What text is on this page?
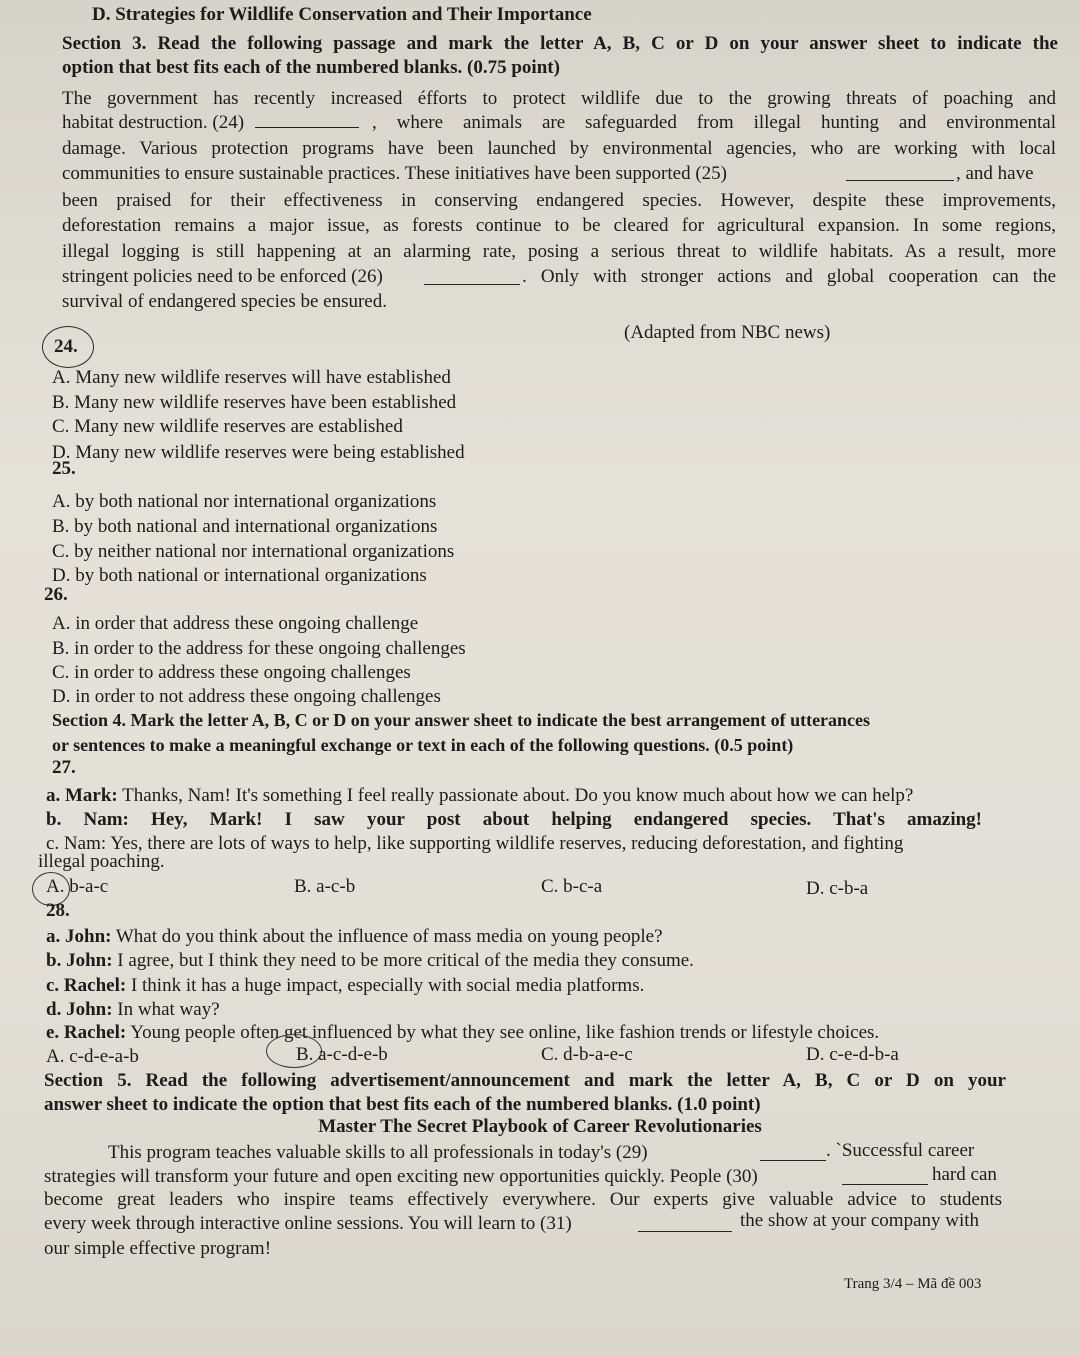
D. Strategies for Wildlife Conservation and Their Importance
Section 3. Read the following passage and mark the letter A, B, C or D on your answer sheet to indicate the
option that best fits each of the numbered blanks. (0.75 point)
The government has recently increased éfforts to protect wildlife due to the growing threats of poaching and
habitat destruction. (24)	, where animals are safeguarded from illegal hunting and environmental
damage. Various protection programs have been launched by environmental agencies, who are working with local
communities to ensure sustainable practices. These initiatives have been supported (25)	, and have
been praised for their effectiveness in conserving endangered species. However, despite these improvements,
deforestation remains a major issue, as forests continue to be cleared for agricultural expansion. In some regions,
illegal logging is still happening at an alarming rate, posing a serious threat to wildlife habitats. As a result, more
stringent policies need to be enforced (26)	. Only with stronger actions and global cooperation can the
survival of endangered species be ensured.
(Adapted from NBC news)
24.
A. Many new wildlife reserves will have established
B. Many new wildlife reserves have been established
C. Many new wildlife reserves are established
D. Many new wildlife reserves were being established
25.
A. by both national nor international organizations
B. by both national and international organizations
C. by neither national nor international organizations
D. by both national or international organizations
26.
A. in order that address these ongoing challenge
B. in order to the address for these ongoing challenges
C. in order to address these ongoing challenges
D. in order to not address these ongoing challenges
Section 4. Mark the letter A, B, C or D on your answer sheet to indicate the best arrangement of utterances
or sentences to make a meaningful exchange or text in each of the following questions. (0.5 point)
27.
a. Mark: Thanks, Nam! It's something I feel really passionate about. Do you know much about how we can help?
b. Nam: Hey, Mark! I saw your post about helping endangered species. That's amazing!
c. Nam: Yes, there are lots of ways to help, like supporting wildlife reserves, reducing deforestation, and fighting
illegal poaching.
A. b-a-c	B. a-c-b	C. b-c-a	D. c-b-a
28.
a. John: What do you think about the influence of mass media on young people?
b. John: I agree, but I think they need to be more critical of the media they consume.
c. Rachel: I think it has a huge impact, especially with social media platforms.
d. John: In what way?
e. Rachel: Young people often get influenced by what they see online, like fashion trends or lifestyle choices.
A. c-d-e-a-b	B. a-c-d-e-b	C. d-b-a-e-c	D. c-e-d-b-a
Section 5. Read the following advertisement/announcement and mark the letter A, B, C or D on your
answer sheet to indicate the option that best fits each of the numbered blanks. (1.0 point)
Master The Secret Playbook of Career Revolutionaries
This program teaches valuable skills to all professionals in today's (29)	. `Successful career
strategies will transform your future and open exciting new opportunities quickly. People (30)	hard can
become great leaders who inspire teams effectively everywhere. Our experts give valuable advice to students
every week through interactive online sessions. You will learn to (31)	the show at your company with
our simple effective program!
Trang 3/4 – Mã đề 003
